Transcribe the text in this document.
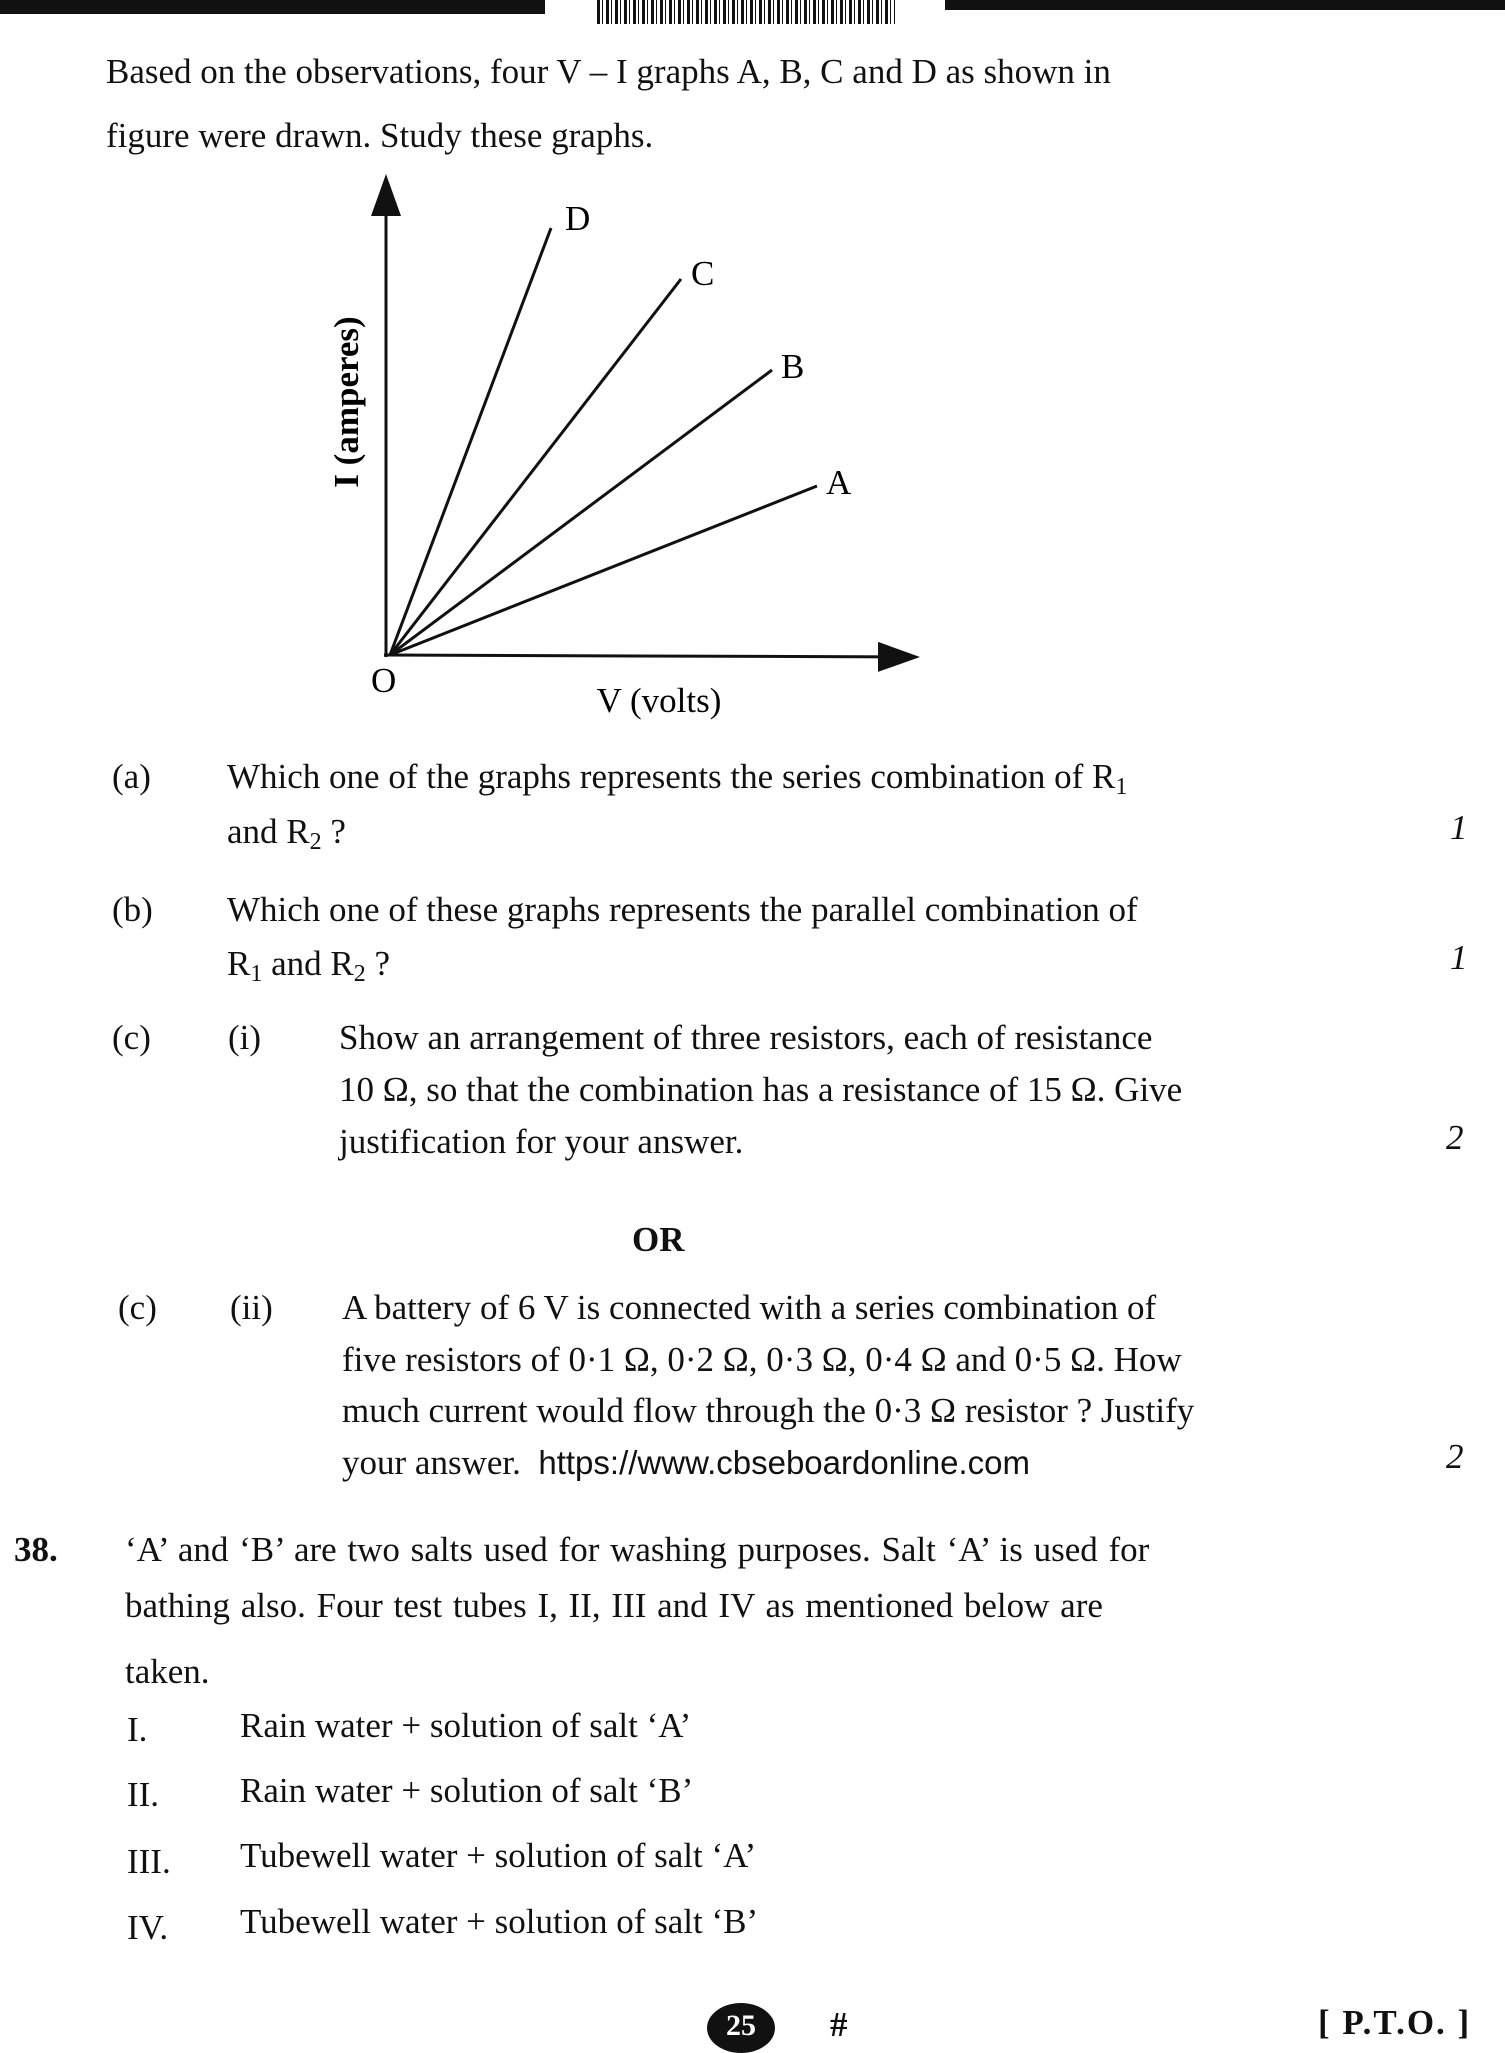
Based on the observations, four V – I graphs A, B, C and D as shown in
figure were drawn. Study these graphs.
D
C
B
A
O
V (volts)
I (amperes)
(a) Which one of the graphs represents the series combination of $R_1$
and $R_2$ ?	1
(b) Which one of these graphs represents the parallel combination of
$R_1$ and $R_2$ ?	1
(c) (i) Show an arrangement of three resistors, each of resistance
10 Ω, so that the combination has a resistance of 15 Ω. Give
justification for your answer.	2
OR
(c) (ii) A battery of 6 V is connected with a series combination of
five resistors of 0·1 Ω, 0·2 Ω, 0·3 Ω, 0·4 Ω and 0·5 Ω. How
much current would flow through the 0·3 Ω resistor ? Justify
your answer. https://www.cbseboardonline.com	2
38. ‘A’ and ‘B’ are two salts used for washing purposes. Salt ‘A’ is used for
bathing also. Four test tubes I, II, III and IV as mentioned below are
taken.
I.	Rain water + solution of salt ‘A’
II. Rain water + solution of salt ‘B’
III. Tubewell water + solution of salt ‘A’
IV. Tubewell water + solution of salt ‘B’
25	#	[ P.T.O. ]
